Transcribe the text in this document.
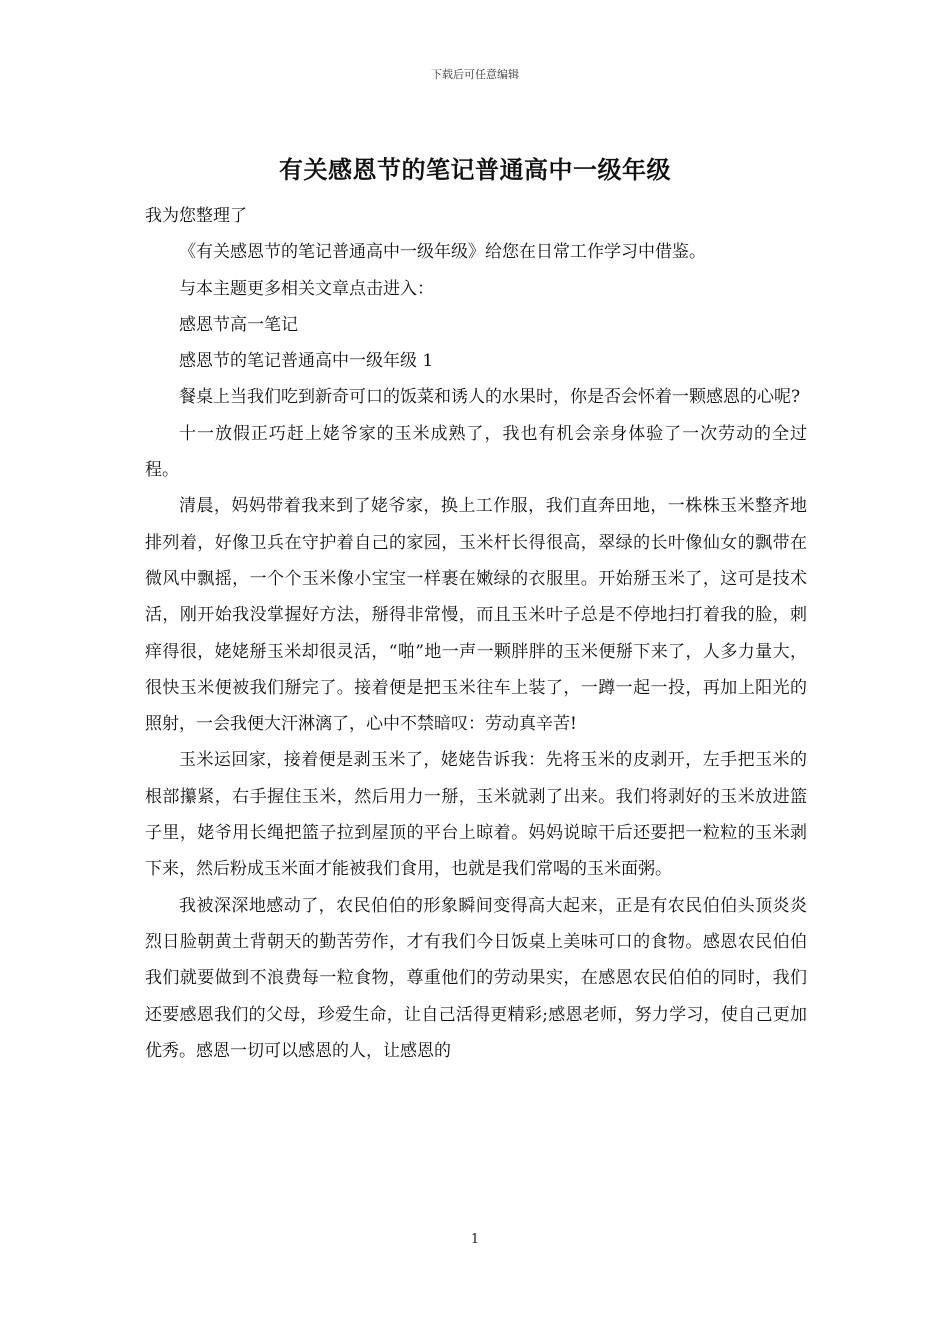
下载后可任意编辑
有关感恩节的笔记普通高中一级年级

我为您整理了

《有关感恩节的笔记普通高中一级年级》给您在日常工作学习中借鉴。

与本主题更多相关文章点击进入：

感恩节高一笔记

感恩节的笔记普通高中一级年级 1

餐桌上当我们吃到新奇可口的饭菜和诱人的水果时，你是否会怀着一颗感恩的心呢?

十一放假正巧赶上姥爷家的玉米成熟了，我也有机会亲身体验了一次劳动的全过程。

清晨，妈妈带着我来到了姥爷家，换上工作服，我们直奔田地，一株株玉米整齐地排列着，好像卫兵在守护着自己的家园，玉米杆长得很高，翠绿的长叶像仙女的飘带在微风中飘摇，一个个玉米像小宝宝一样裹在嫩绿的衣服里。开始掰玉米了，这可是技术活，刚开始我没掌握好方法，掰得非常慢，而且玉米叶子总是不停地扫打着我的脸，刺痒得很，姥姥掰玉米却很灵活，“啪”地一声一颗胖胖的玉米便掰下来了，人多力量大，很快玉米便被我们掰完了。接着便是把玉米往车上装了，一蹲一起一投，再加上阳光的照射，一会我便大汗淋漓了，心中不禁暗叹：劳动真辛苦!

玉米运回家，接着便是剥玉米了，姥姥告诉我：先将玉米的皮剥开，左手把玉米的根部攥紧，右手握住玉米，然后用力一掰，玉米就剥了出来。我们将剥好的玉米放进篮子里，姥爷用长绳把篮子拉到屋顶的平台上晾着。妈妈说晾干后还要把一粒粒的玉米剥下来，然后粉成玉米面才能被我们食用，也就是我们常喝的玉米面粥。

我被深深地感动了，农民伯伯的形象瞬间变得高大起来，正是有农民伯伯头顶炎炎烈日脸朝黄土背朝天的勤苦劳作，才有我们今日饭桌上美味可口的食物。感恩农民伯伯我们就要做到不浪费每一粒食物，尊重他们的劳动果实，在感恩农民伯伯的同时，我们还要感恩我们的父母，珍爱生命，让自己活得更精彩;感恩老师，努力学习，使自己更加优秀。感恩一切可以感恩的人，让感恩的

1
